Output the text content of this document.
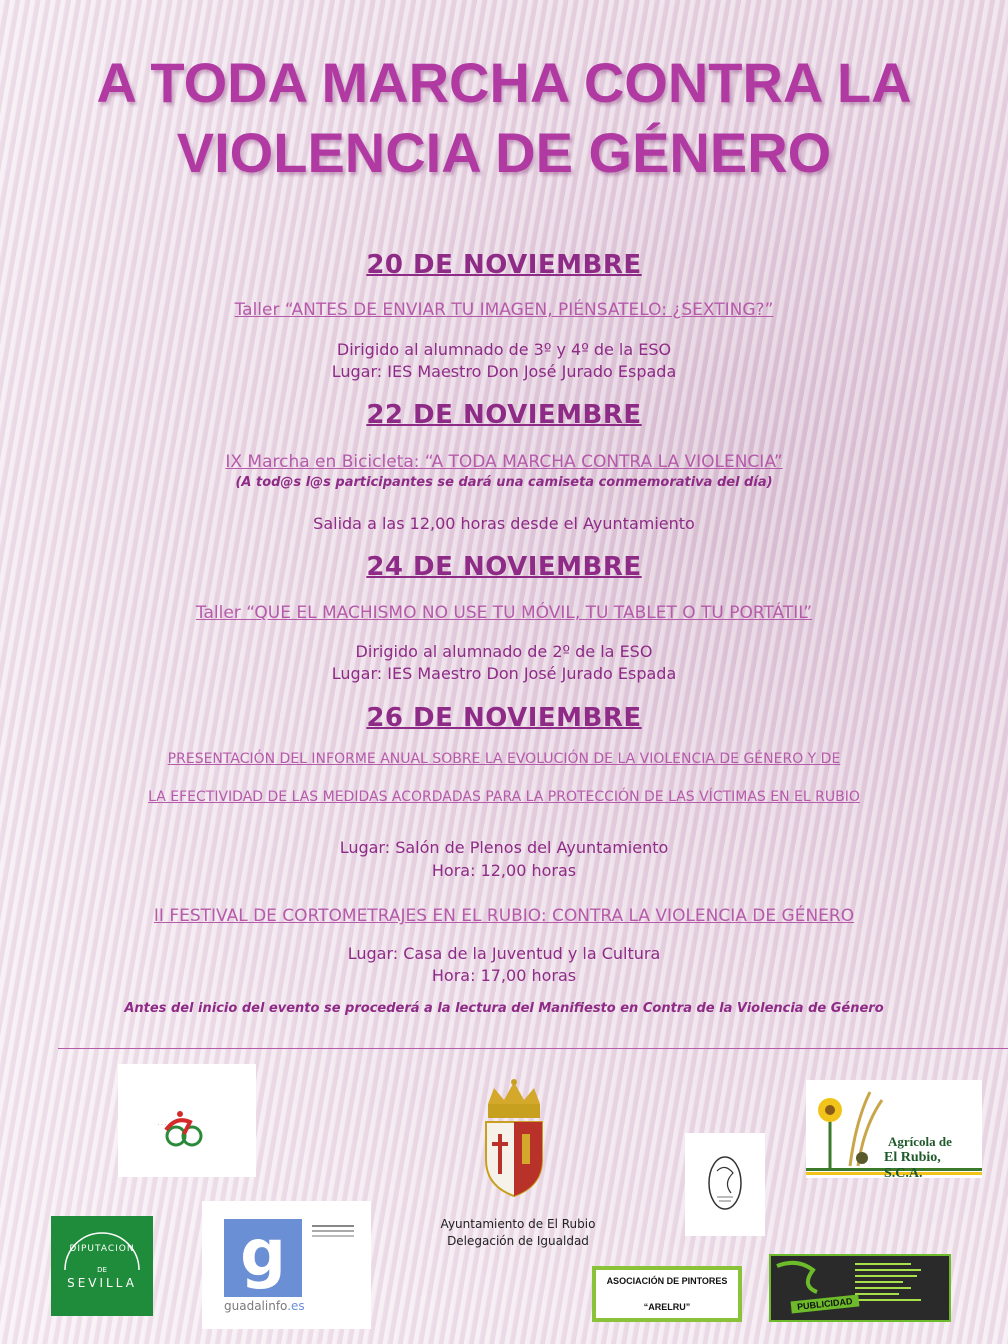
A TODA MARCHA CONTRA LA
VIOLENCIA DE GÉNERO
20 DE NOVIEMBRE
Taller “ANTES DE ENVIAR TU IMAGEN, PIÉNSATELO: ¿SEXTING?”
Dirigido al alumnado de 3º y 4º de la ESO
Lugar: IES Maestro Don José Jurado Espada
22 DE NOVIEMBRE
IX Marcha en Bicicleta: “A TODA MARCHA CONTRA LA VIOLENCIA”
(A tod@s l@s participantes se dará una camiseta conmemorativa del día)
Salida a las 12,00 horas desde el Ayuntamiento
24 DE NOVIEMBRE
Taller “QUE EL MACHISMO NO USE TU MÓVIL, TU TABLET O TU PORTÁTIL”
Dirigido al alumnado de 2º de la ESO
Lugar: IES Maestro Don José Jurado Espada
26 DE NOVIEMBRE
PRESENTACIÓN DEL INFORME ANUAL SOBRE LA EVOLUCIÓN DE LA VIOLENCIA DE GÉNERO Y DE
LA EFECTIVIDAD DE LAS MEDIDAS ACORDADAS PARA LA PROTECCIÓN DE LAS VÍCTIMAS EN EL RUBIO
Lugar: Salón de Plenos del Ayuntamiento
Hora: 12,00 horas
II FESTIVAL DE CORTOMETRAJES EN EL RUBIO: CONTRA LA VIOLENCIA DE GÉNERO
Lugar: Casa de la Juventud y la Cultura
Hora: 17,00 horas
Antes del inicio del evento se procederá a la lectura del Manifiesto en Contra de la Violencia de Género
· · ·
DIPUTACION
DE
SEVILLA g
guadalinfo.es
Ayuntamiento de El Rubio
Delegación de Igualdad
Agrícola de
El Rubio, S.C.A.
ASOCIACIÓN DE PINTORES
“ARELRU”	PUBLICIDAD
